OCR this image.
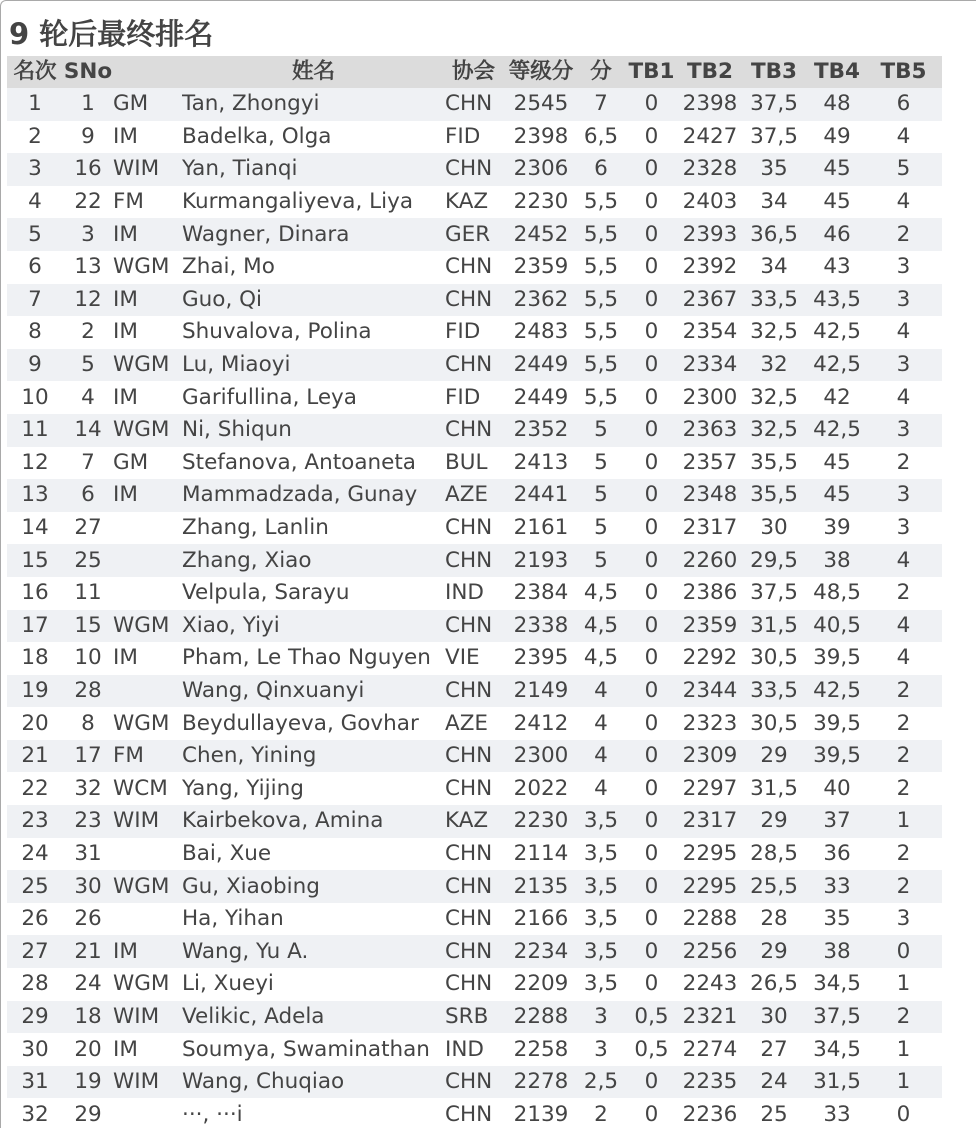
9 轮后最终排名
名次	SNo		姓名	协会	等级分	分	TB1	TB2	TB3	TB4	TB5
1	1	GM	Tan, Zhongyi	CHN	2545	7	0	2398	37,5	48	6
2	9	IM	Badelka, Olga	FID	2398	6,5	0	2427	37,5	49	4
3	16	WIM	Yan, Tianqi	CHN	2306	6	0	2328	35	45	5
4	22	FM	Kurmangaliyeva, Liya	KAZ	2230	5,5	0	2403	34	45	4
5	3	IM	Wagner, Dinara	GER	2452	5,5	0	2393	36,5	46	2
6	13	WGM	Zhai, Mo	CHN	2359	5,5	0	2392	34	43	3
7	12	IM	Guo, Qi	CHN	2362	5,5	0	2367	33,5	43,5	3
8	2	IM	Shuvalova, Polina	FID	2483	5,5	0	2354	32,5	42,5	4
9	5	WGM	Lu, Miaoyi	CHN	2449	5,5	0	2334	32	42,5	3
10	4	IM	Garifullina, Leya	FID	2449	5,5	0	2300	32,5	42	4
11	14	WGM	Ni, Shiqun	CHN	2352	5	0	2363	32,5	42,5	3
12	7	GM	Stefanova, Antoaneta	BUL	2413	5	0	2357	35,5	45	2
13	6	IM	Mammadzada, Gunay	AZE	2441	5	0	2348	35,5	45	3
14	27		Zhang, Lanlin	CHN	2161	5	0	2317	30	39	3
15	25		Zhang, Xiao	CHN	2193	5	0	2260	29,5	38	4
16	11		Velpula, Sarayu	IND	2384	4,5	0	2386	37,5	48,5	2
17	15	WGM	Xiao, Yiyi	CHN	2338	4,5	0	2359	31,5	40,5	4
18	10	IM	Pham, Le Thao Nguyen	VIE	2395	4,5	0	2292	30,5	39,5	4
19	28		Wang, Qinxuanyi	CHN	2149	4	0	2344	33,5	42,5	2
20	8	WGM	Beydullayeva, Govhar	AZE	2412	4	0	2323	30,5	39,5	2
21	17	FM	Chen, Yining	CHN	2300	4	0	2309	29	39,5	2
22	32	WCM	Yang, Yijing	CHN	2022	4	0	2297	31,5	40	2
23	23	WIM	Kairbekova, Amina	KAZ	2230	3,5	0	2317	29	37	1
24	31		Bai, Xue	CHN	2114	3,5	0	2295	28,5	36	2
25	30	WGM	Gu, Xiaobing	CHN	2135	3,5	0	2295	25,5	33	2
26	26		Ha, Yihan	CHN	2166	3,5	0	2288	28	35	3
27	21	IM	Wang, Yu A.	CHN	2234	3,5	0	2256	29	38	0
28	24	WGM	Li, Xueyi	CHN	2209	3,5	0	2243	26,5	34,5	1
29	18	WIM	Velikic, Adela	SRB	2288	3	0,5	2321	30	37,5	2
30	20	IM	Soumya, Swaminathan	IND	2258	3	0,5	2274	27	34,5	1
31	19	WIM	Wang, Chuqiao	CHN	2278	2,5	0	2235	24	31,5	1
32	29		···, ···i	CHN	2139	2	0	2236	25	33	0
